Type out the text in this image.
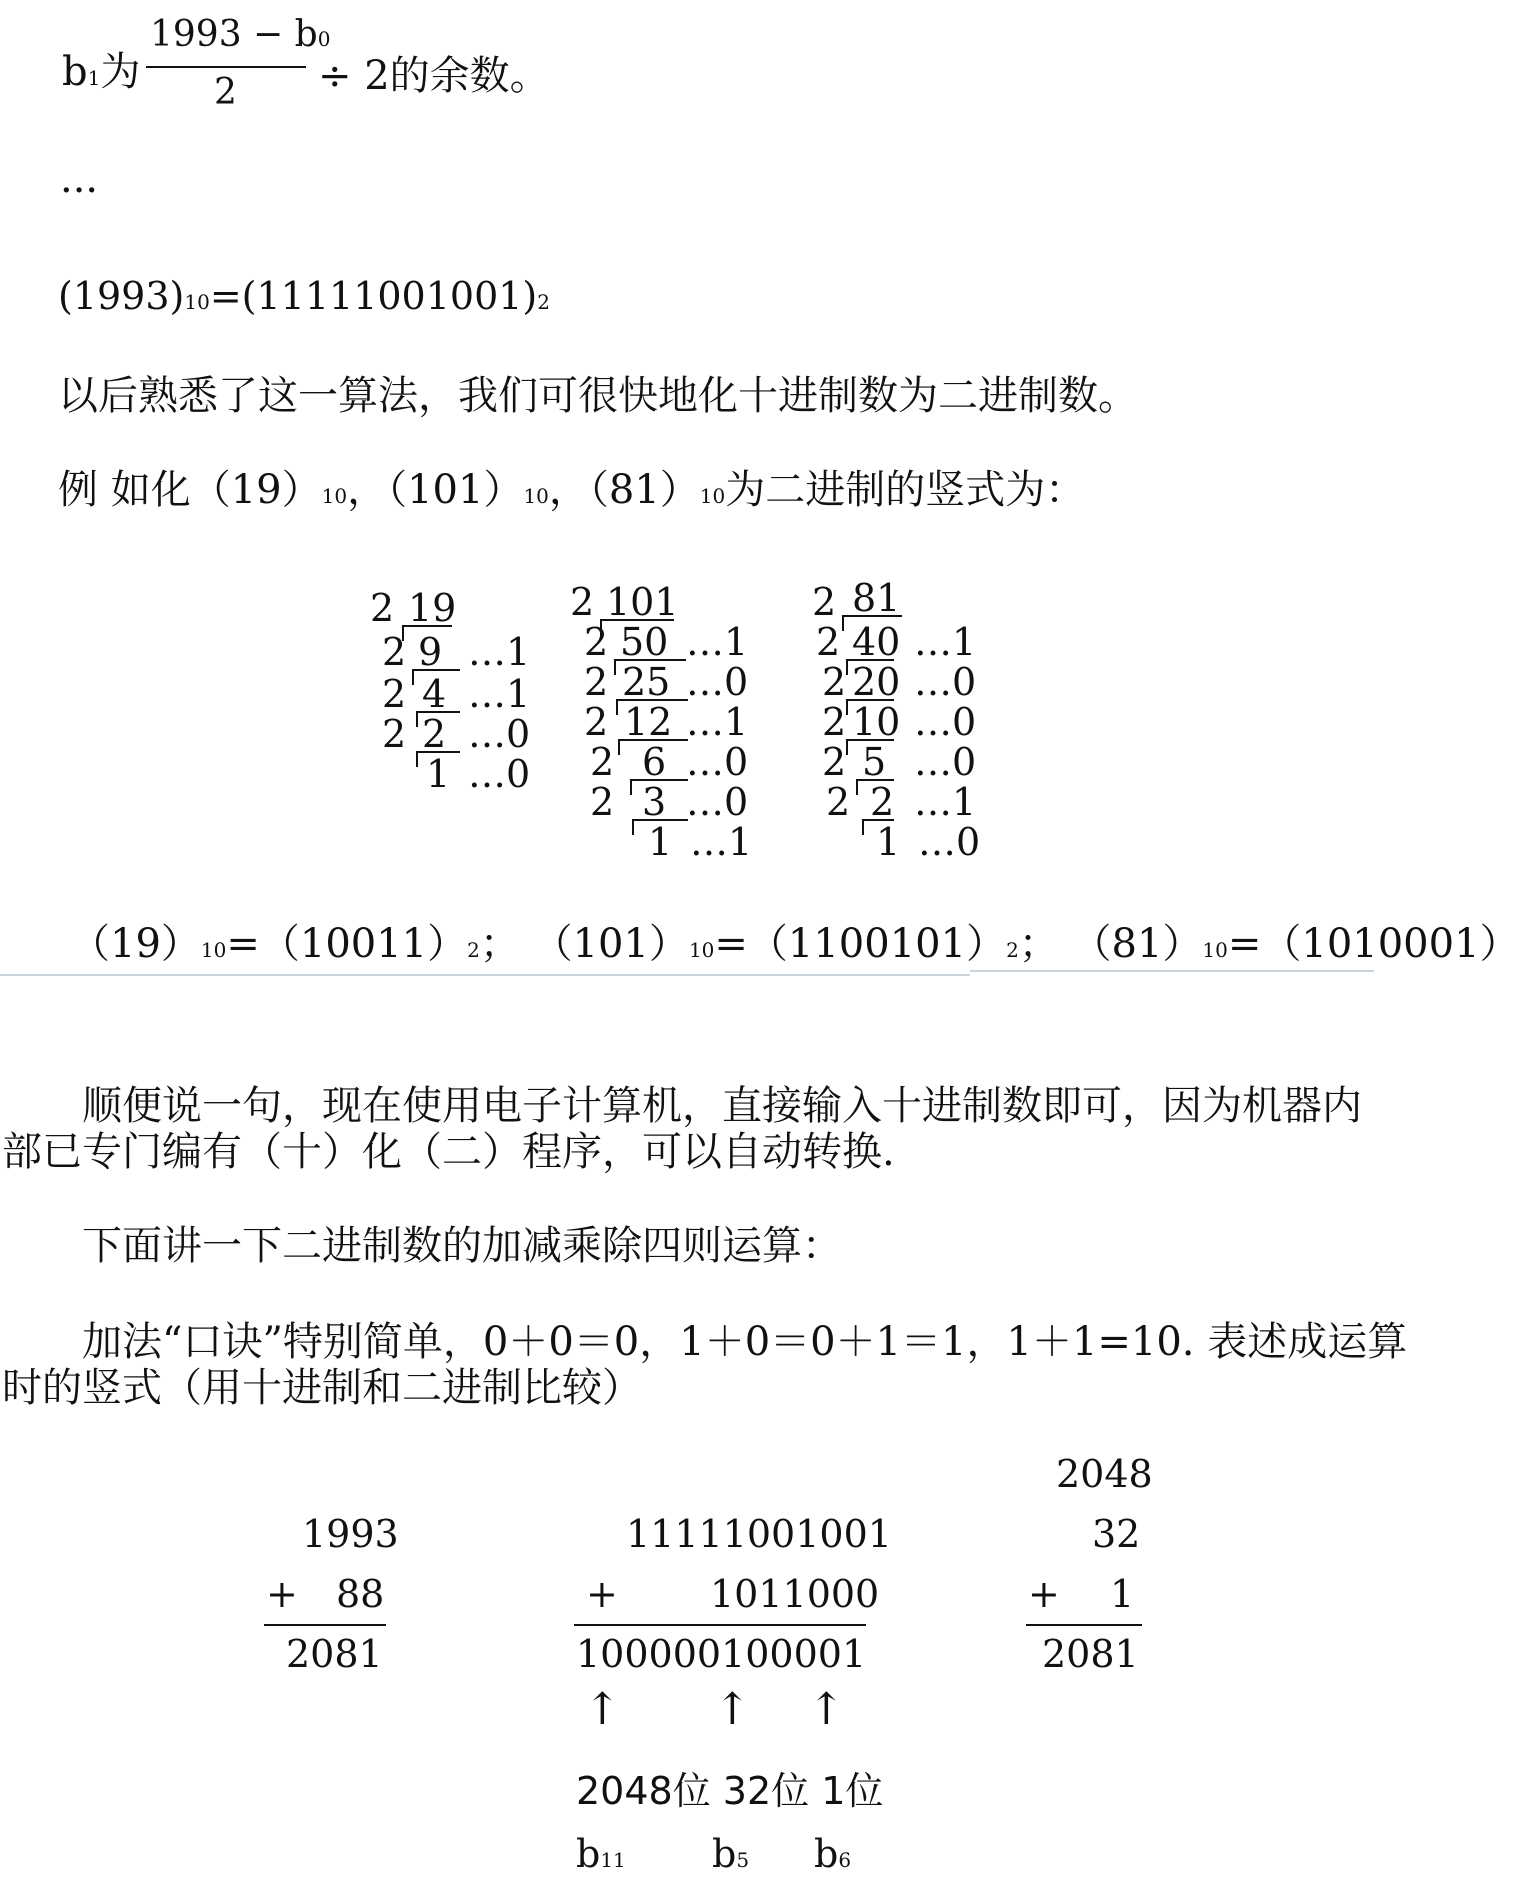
b1为
1993 − b0
2 ÷ 2的余数。
···
(1993)10=(11111001001)2
以后熟悉了这一算法，我们可很快地化十进制数为二进制数。
例 如化（19）10，（101）10，（81）10为二进制的竖式为：
2 19
2 9 …1
2 4 …1
2 2 …0
1 …0
2 101
2 50 …1
2 25 …0
2 12 …1
2 6 …0
2 3 …0
1 …1
2 81
2 40 …1
2 20 …0
2 10 …0
2 5 …0
2 2 …1
1 …0
（19）10=（10011）2； （101）10=（1100101）2； （81）10=（1010001）
顺便说一句，现在使用电子计算机，直接输入十进制数即可，因为机器内
部已专门编有（十）化（二）程序，可以自动转换.
下面讲一下二进制数的加减乘除四则运算：
加法“口诀”特别简单，0＋0＝0，1＋0＝0＋1＝1，1＋1=10. 表述成运算
时的竖式（用十进制和二进制比较）
1993
+ 88
2081
11111001001
+ 1011000
100000100001
↑ ↑ ↑
2048位 32位 1位
b11 b5 b6
2048
32
+ 1
2081
